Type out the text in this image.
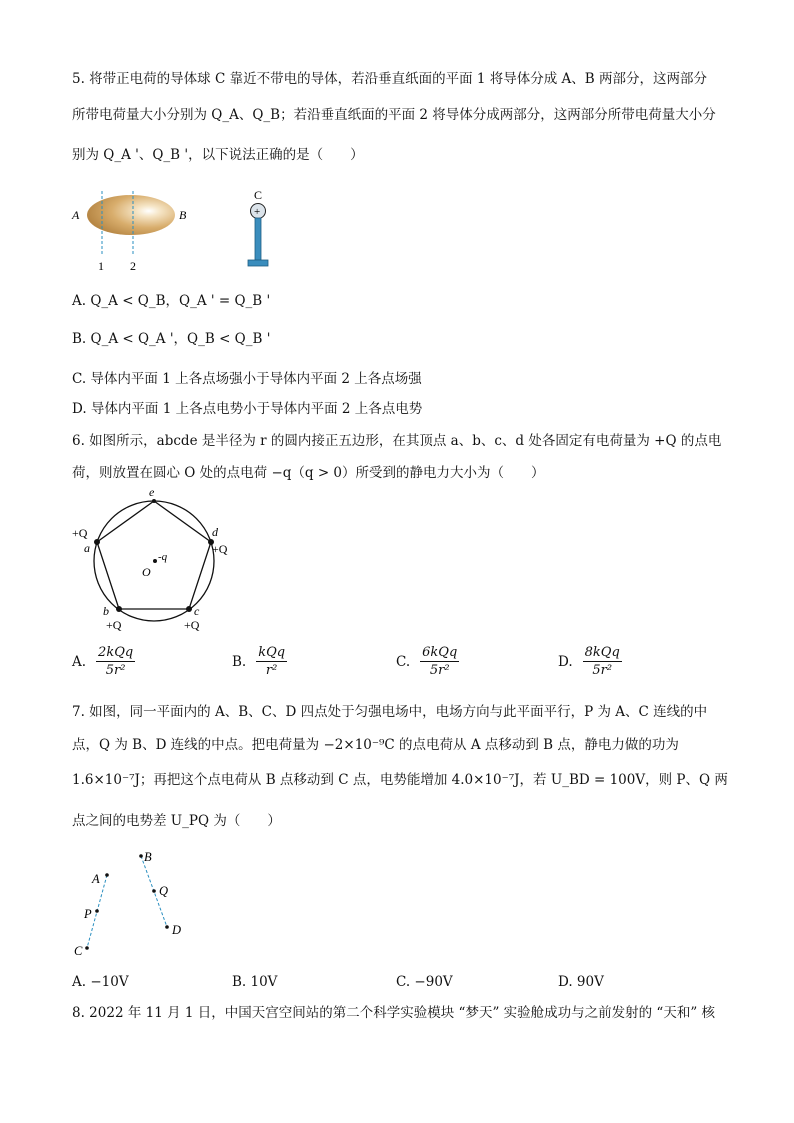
5. 将带正电荷的导体球 C 靠近不带电的导体，若沿垂直纸面的平面 1 将导体分成 A、B 两部分，这两部分
所带电荷量大小分别为 Q_A、Q_B；若沿垂直纸面的平面 2 将导体分成两部分，这两部分所带电荷量大小分
别为 Q_A '、Q_B '，以下说法正确的是（　　）
A	B
1 2
C
+
A. Q_A < Q_B，Q_A ' = Q_B '
B. Q_A < Q_A '，Q_B < Q_B '
C. 导体内平面 1 上各点场强小于导体内平面 2 上各点场强
D. 导体内平面 1 上各点电势小于导体内平面 2 上各点电势
6. 如图所示，abcde 是半径为 r 的圆内接正五边形，在其顶点 a、b、c、d 处各固定有电荷量为 +Q 的点电
荷，则放置在圆心 O 处的点电荷 −q（q > 0）所受到的静电力大小为（　　）
e
d
+Q
+Q
a
b
+Q
c
+Q
-q
O
A. $\frac{\text{2kQq}}{\text{5r²}}$	B. $\frac{\text{kQq}}{\text{r²}}$	C. $\frac{\text{6kQq}}{\text{5r²}}$	D. $\frac{\text{8kQq}}{\text{5r²}}$
7. 如图，同一平面内的 A、B、C、D 四点处于匀强电场中，电场方向与此平面平行，P 为 A、C 连线的中
点，Q 为 B、D 连线的中点。把电荷量为 −2×10⁻⁹C 的点电荷从 A 点移动到 B 点，静电力做的功为
1.6×10⁻⁷J；再把这个点电荷从 B 点移动到 C 点，电势能增加 4.0×10⁻⁷J，若 U_BD = 100V，则 P、Q 两
点之间的电势差 U_PQ 为（　　）
A
P
C
B
Q
D
A. −10V	B. 10V	C. −90V	D. 90V
8. 2022 年 11 月 1 日，中国天宫空间站的第二个科学实验模块 “梦天” 实验舱成功与之前发射的 “天和” 核
